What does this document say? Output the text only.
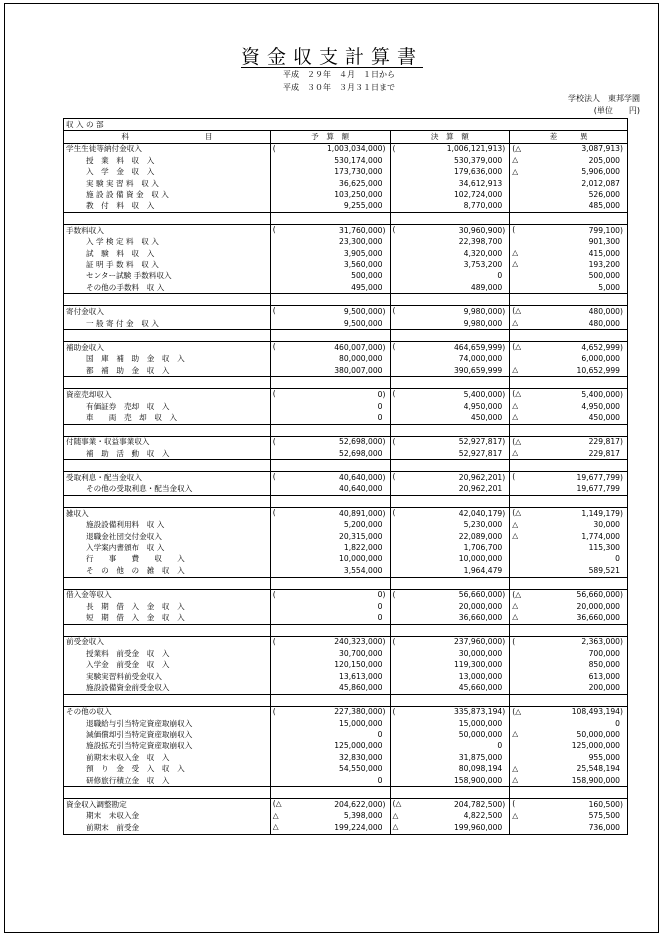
資金収支計算書
平成　２９年　４月　１日から
平成　３０年　３月３１日まで
学校法人　東邦学園
(単位　　円)
収 入 の 部			
科　　　　　　　　　　目	予　算　額	決　算　額	差　　　異
学生生徒等納付金収入	( 1,003,034,000)	( 1,006,121,913)	(△ 3,087,913)
授　業　料　収　入	530,174,000	530,379,000	△ 205,000
入　学　金　収　入	173,730,000	179,636,000	△ 5,906,000
実 験 実 習 料　収 入	36,625,000	34,612,913	2,012,087
施 設 設 備 資 金　収 入	103,250,000	102,724,000	526,000
教　付　料　収　入	9,255,000	8,770,000	485,000

手数料収入	( 31,760,000)	( 30,960,900)	( 799,100)
入 学 検 定 料　収 入	23,300,000	22,398,700	901,300
試　験　料　収　入	3,905,000	4,320,000	△ 415,000
証 明 手 数 料　収 入	3,560,000	3,753,200	△ 193,200
センター試験 手数料収入	500,000	0	500,000
その他の手数料　収 入	495,000	489,000	5,000

寄付金収入	( 9,500,000)	( 9,980,000)	(△ 480,000)
一 般 寄 付 金　収 入	9,500,000	9,980,000	△ 480,000

補助金収入	( 460,007,000)	( 464,659,999)	(△ 4,652,999)
国　庫　補　助　金　収　入	80,000,000	74,000,000	6,000,000
都　補　助　金　収　入	380,007,000	390,659,999	△ 10,652,999

資産売却収入	( 0)	( 5,400,000)	(△ 5,400,000)
有価証券　売却　収　入	0	4,950,000	△ 4,950,000
車　　両　売　却　収　入	0	450,000	△ 450,000

付随事業・収益事業収入	( 52,698,000)	( 52,927,817)	(△ 229,817)
補　助　活　動　収　入	52,698,000	52,927,817	△ 229,817

受取利息・配当金収入	( 40,640,000)	( 20,962,201)	( 19,677,799)
その他の受取利息・配当金収入	40,640,000	20,962,201	19,677,799

雑収入	( 40,891,000)	( 42,040,179)	(△ 1,149,179)
施設設備利用料　収 入	5,200,000	5,230,000	△ 30,000
退職金社団交付金収入	20,315,000	22,089,000	△ 1,774,000
入学案内書頒布　収 入	1,822,000	1,706,700	115,300
行　　事　　費　　収　　入	10,000,000	10,000,000	0
そ　の　他　の　雑　収　入	3,554,000	1,964,479	589,521

借入金等収入	( 0)	( 56,660,000)	(△ 56,660,000)
長　期　借　入　金　収　入	0	20,000,000	△ 20,000,000
短　期　借　入　金　収　入	0	36,660,000	△ 36,660,000

前受金収入	( 240,323,000)	( 237,960,000)	( 2,363,000)
授業料　前受金　収　入	30,700,000	30,000,000	700,000
入学金　前受金　収　入	120,150,000	119,300,000	850,000
実験実習料前受金収入	13,613,000	13,000,000	613,000
施設設備資金前受金収入	45,860,000	45,660,000	200,000

その他の収入	( 227,380,000)	( 335,873,194)	(△ 108,493,194)
退職給与引当特定資産取崩収入	15,000,000	15,000,000	0
減価償却引当特定資産取崩収入	0	50,000,000	△ 50,000,000
施設拡充引当特定資産取崩収入	125,000,000	0	125,000,000
前期末未収入金　収　入	32,830,000	31,875,000	955,000
預　り　金　受　入　収　入	54,550,000	80,098,194	△ 25,548,194
研修旅行積立金　収　入	0	158,900,000	△ 158,900,000

資金収入調整勘定	(△ 204,622,000)	(△ 204,782,500)	( 160,500)
期末　未収入金	△ 5,398,000	△ 4,822,500	△ 575,500
前期末　前受金	△ 199,224,000	△ 199,960,000	736,000
